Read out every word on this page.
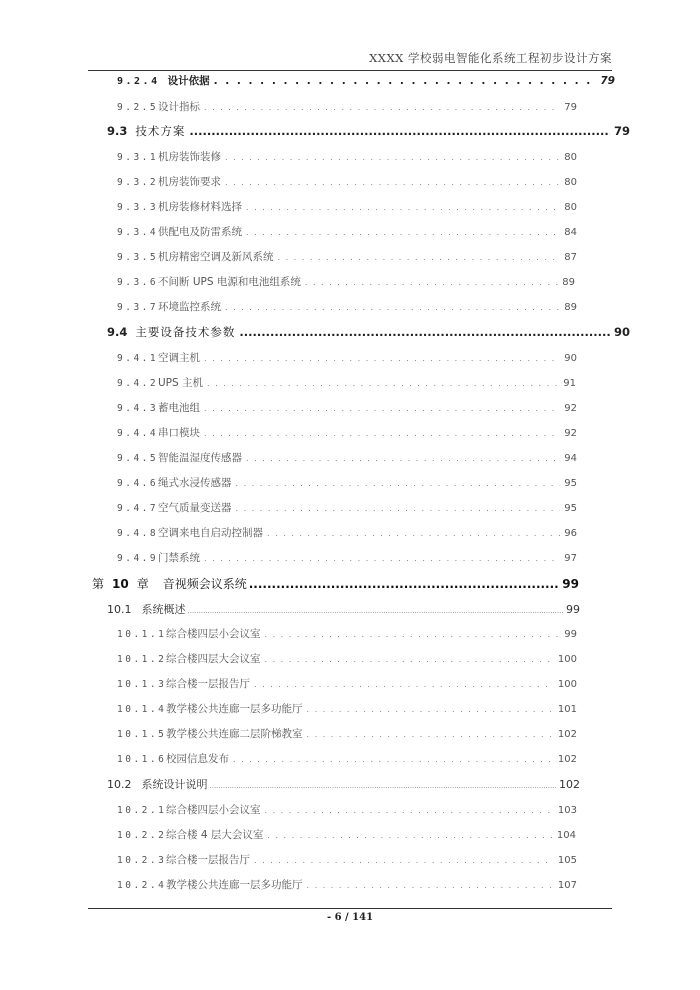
XXXX 学校弱电智能化系统工程初步设计方案
9.2.4 设计依据 . . .	79
9.2.5 设计指标 . . .	79
9.3 技术方案 .....	79
9.3.1 机房装饰装修 . . .	80
9.3.2 机房装饰要求 . . .	80
9.3.3 机房装修材料选择 . . .	80
9.3.4 供配电及防雷系统 . . .	84
9.3.5 机房精密空调及新风系统 . . .	87
9.3.6 不间断 UPS 电源和电池组系统 . . .	89
9.3.7 环境监控系统 . . .	89
9.4 主要设备技术参数 .....	90
9.4.1 空调主机 . . .	90
9.4.2 UPS 主机 . . .	91
9.4.3 蓄电池组 . . .	92
9.4.4 串口模块 . . .	92
9.4.5 智能温湿度传感器 . . .	94
9.4.6 绳式水浸传感器 . . .	95
9.4.7 空气质量变送器 . . .	95
9.4.8 空调来电自启动控制器 . . .	96
9.4.9 门禁系统 . . .	97
第 10 章 音视频会议系统 .....	99
10.1 系统概述 .....	99
10.1.1 综合楼四层小会议室 . . .	99
10.1.2 综合楼四层大会议室 . . .	100
10.1.3 综合楼一层报告厅 . . .	100
10.1.4 教学楼公共连廊一层多功能厅 . . .	101
10.1.5 教学楼公共连廊二层阶梯教室 . . .	102
10.1.6 校园信息发布 . . .	102
10.2 系统设计说明 .....	102
10.2.1 综合楼四层小会议室 . . .	103
10.2.2 综合楼 4 层大会议室 . . .	104
10.2.3 综合楼一层报告厅 . . .	105
10.2.4 教学楼公共连廊一层多功能厅 . . .	107
- 6 / 141
